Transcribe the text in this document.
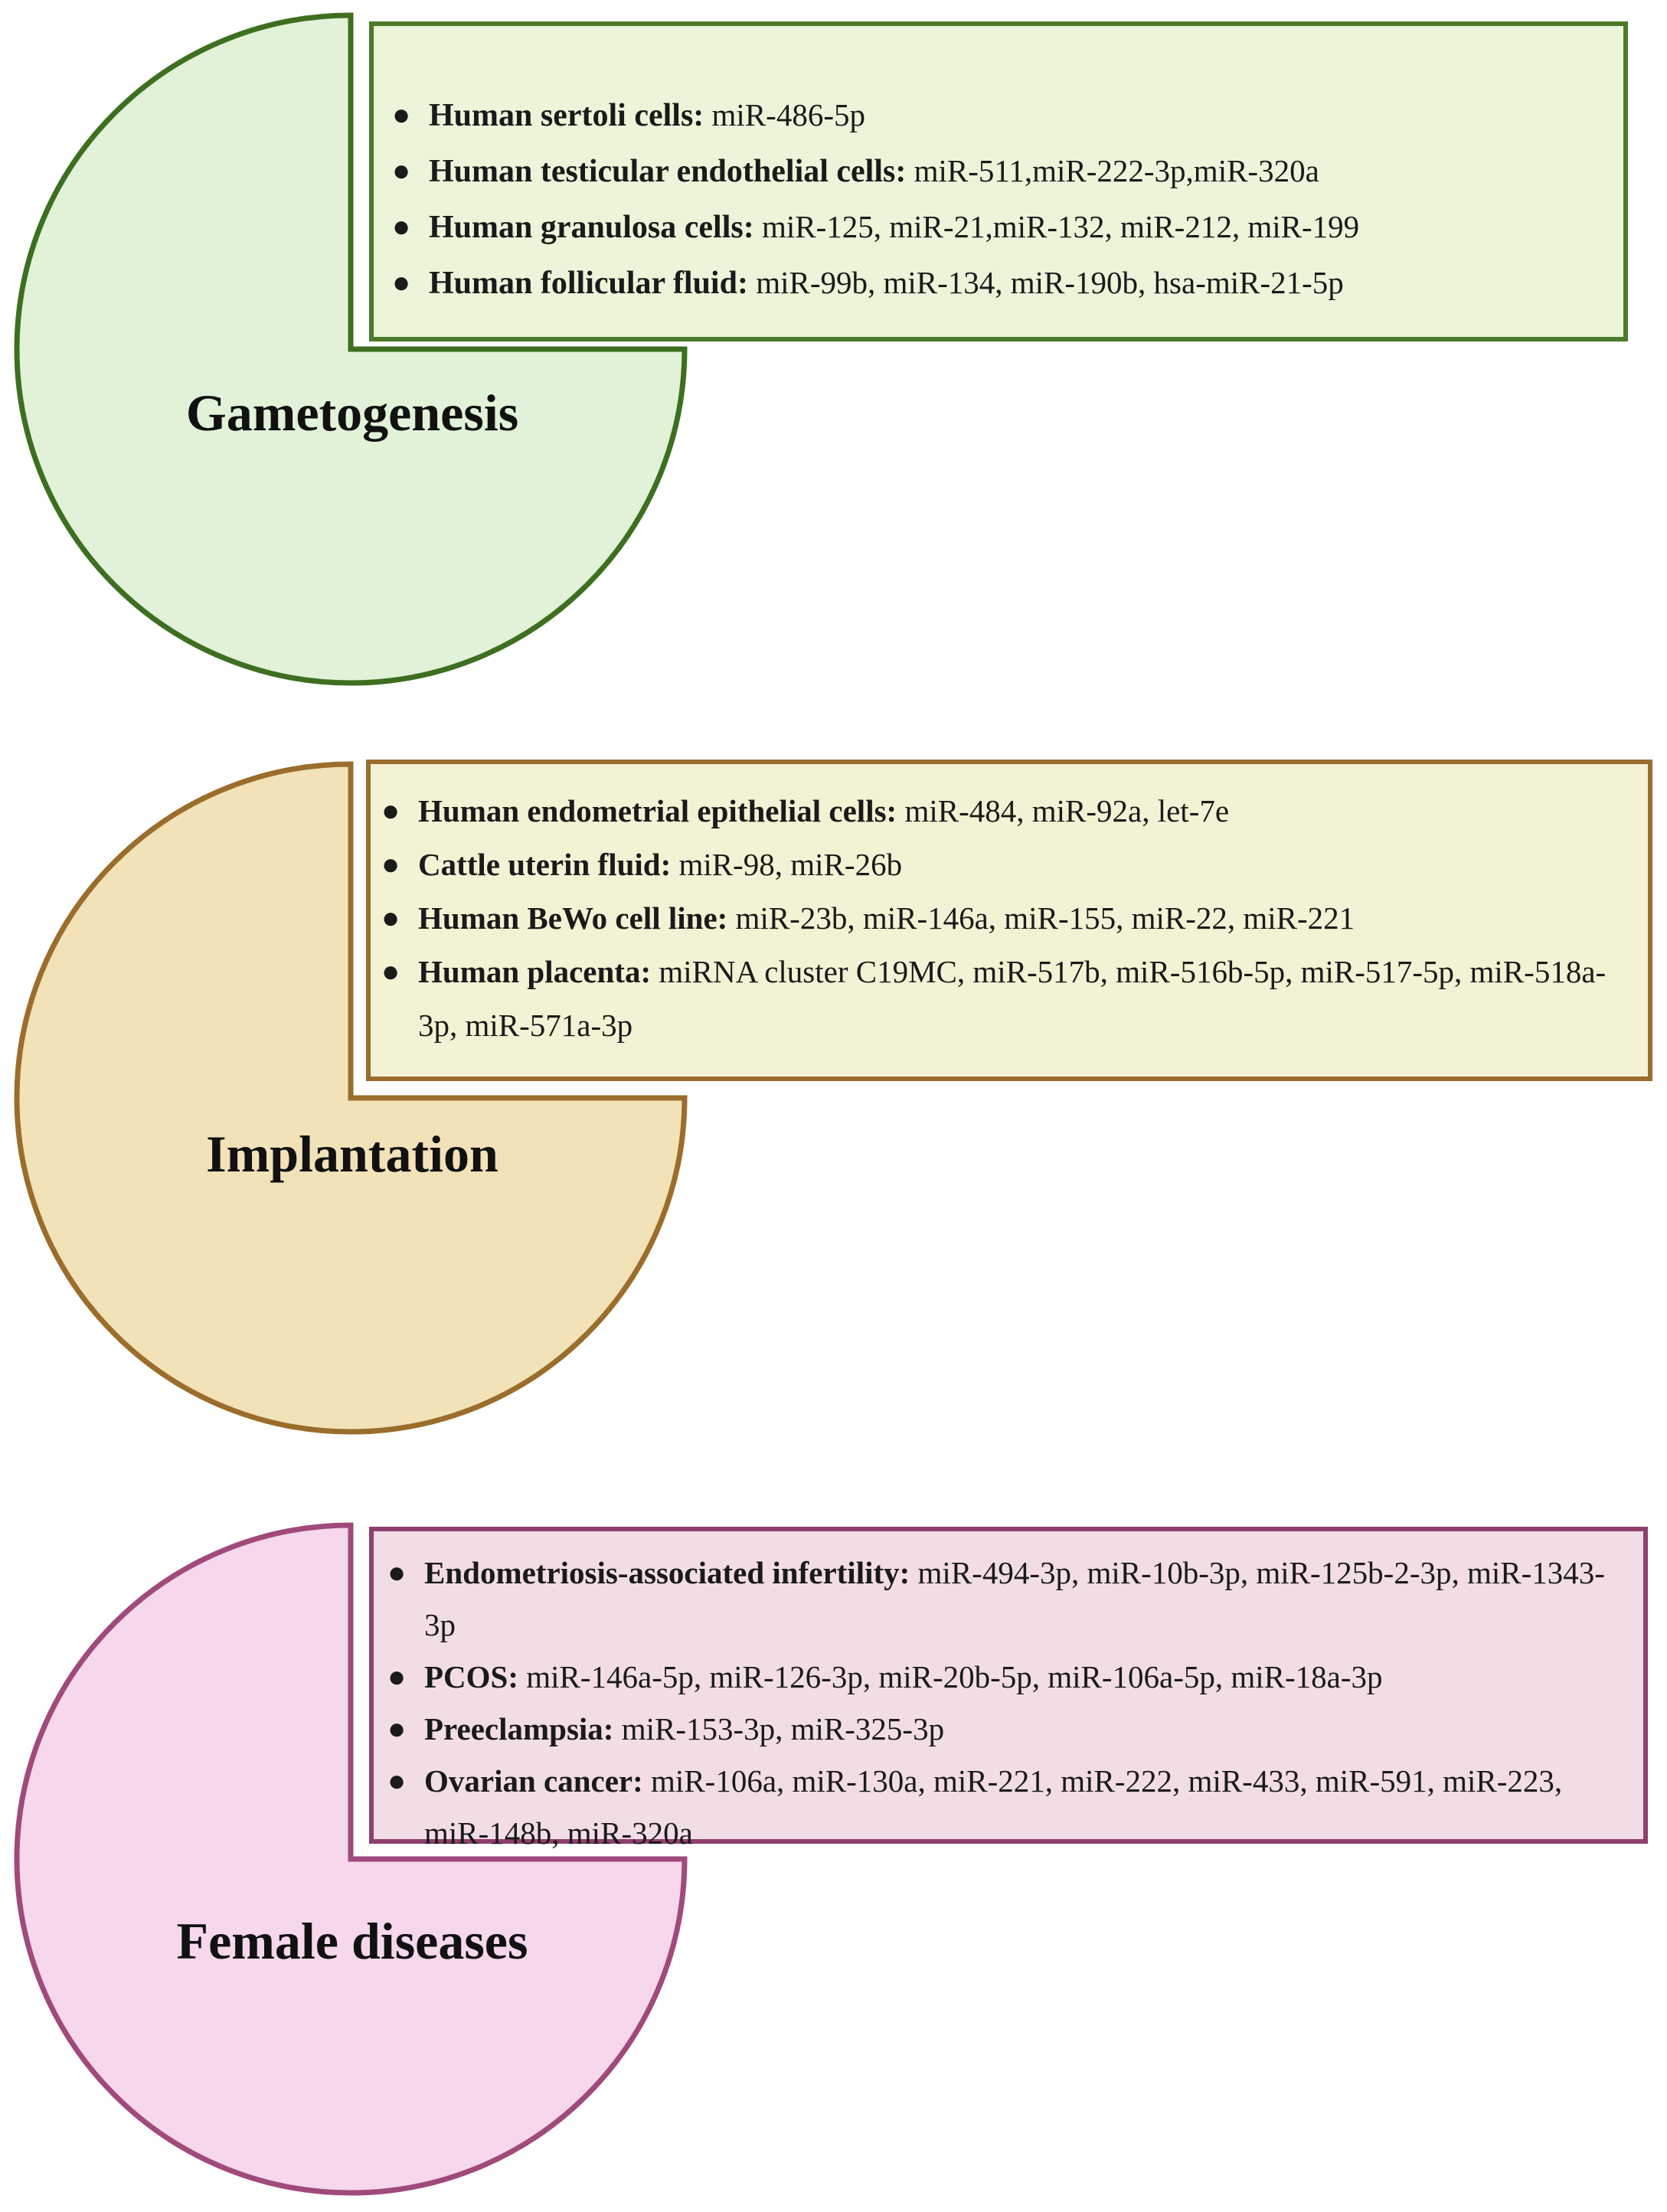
Gametogenesis
● Human sertoli cells: miR-486-5p
● Human testicular endothelial cells: miR-511,miR-222-3p,miR-320a
● Human granulosa cells: miR-125, miR-21,miR-132, miR-212, miR-199
● Human follicular fluid: miR-99b, miR-134, miR-190b, hsa-miR-21-5p
Implantation
● Human endometrial epithelial cells: miR-484, miR-92a, let-7e
● Cattle uterin fluid: miR-98, miR-26b
● Human BeWo cell line: miR-23b, miR-146a, miR-155, miR-22, miR-221
● Human placenta: miRNA cluster C19MC, miR-517b, miR-516b-5p, miR-517-5p, miR-518a-3p, miR-571a-3p
Female diseases
● Endometriosis-associated infertility: miR-494-3p, miR-10b-3p, miR-125b-2-3p, miR-1343-3p
● PCOS: miR-146a-5p, miR-126-3p, miR-20b-5p, miR-106a-5p, miR-18a-3p
● Preeclampsia: miR-153-3p, miR-325-3p
● Ovarian cancer: miR-106a, miR-130a, miR-221, miR-222, miR-433, miR-591, miR-223, miR-148b, miR-320a
